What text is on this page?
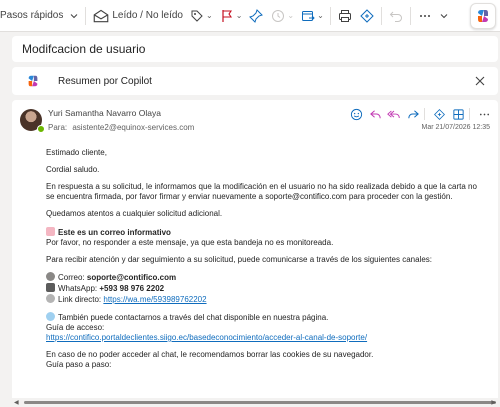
Pasos rápidos	Leído / No leído	⌄	⌄	⌄	⌄
Modifcacion de usuario
Resumen por Copilot
Yuri Samantha Navarro Olaya
Para: asistente2@equinox-services.com	Mar 21/07/2026 12:35

Estimado cliente,

Cordial saludo.

En respuesta a su solicitud, le informamos que la modificación en el usuario no ha sido realizada debido a que la carta no se encuentra firmada, por favor firmar y enviar nuevamente a soporte@contifico.com para proceder con la gestión.

Quedamos atentos a cualquier solicitud adicional.

Este es un correo informativo

Por favor, no responder a este mensaje, ya que esta bandeja no es monitoreada.

Para recibir atención y dar seguimiento a su solicitud, puede comunicarse a través de los siguientes canales:

Correo: soporte@contifico.com

WhatsApp: +593 98 976 2202

Link directo: https://wa.me/593989762202

También puede contactarnos a través del chat disponible en nuestra página.

Guía de acceso:

https://contifico.portaldeclientes.siigo.ec/basedeconocimiento/acceder-al-canal-de-soporte/

En caso de no poder acceder al chat, le recomendamos borrar las cookies de su navegador.

Guía paso a paso:

◀	▶
